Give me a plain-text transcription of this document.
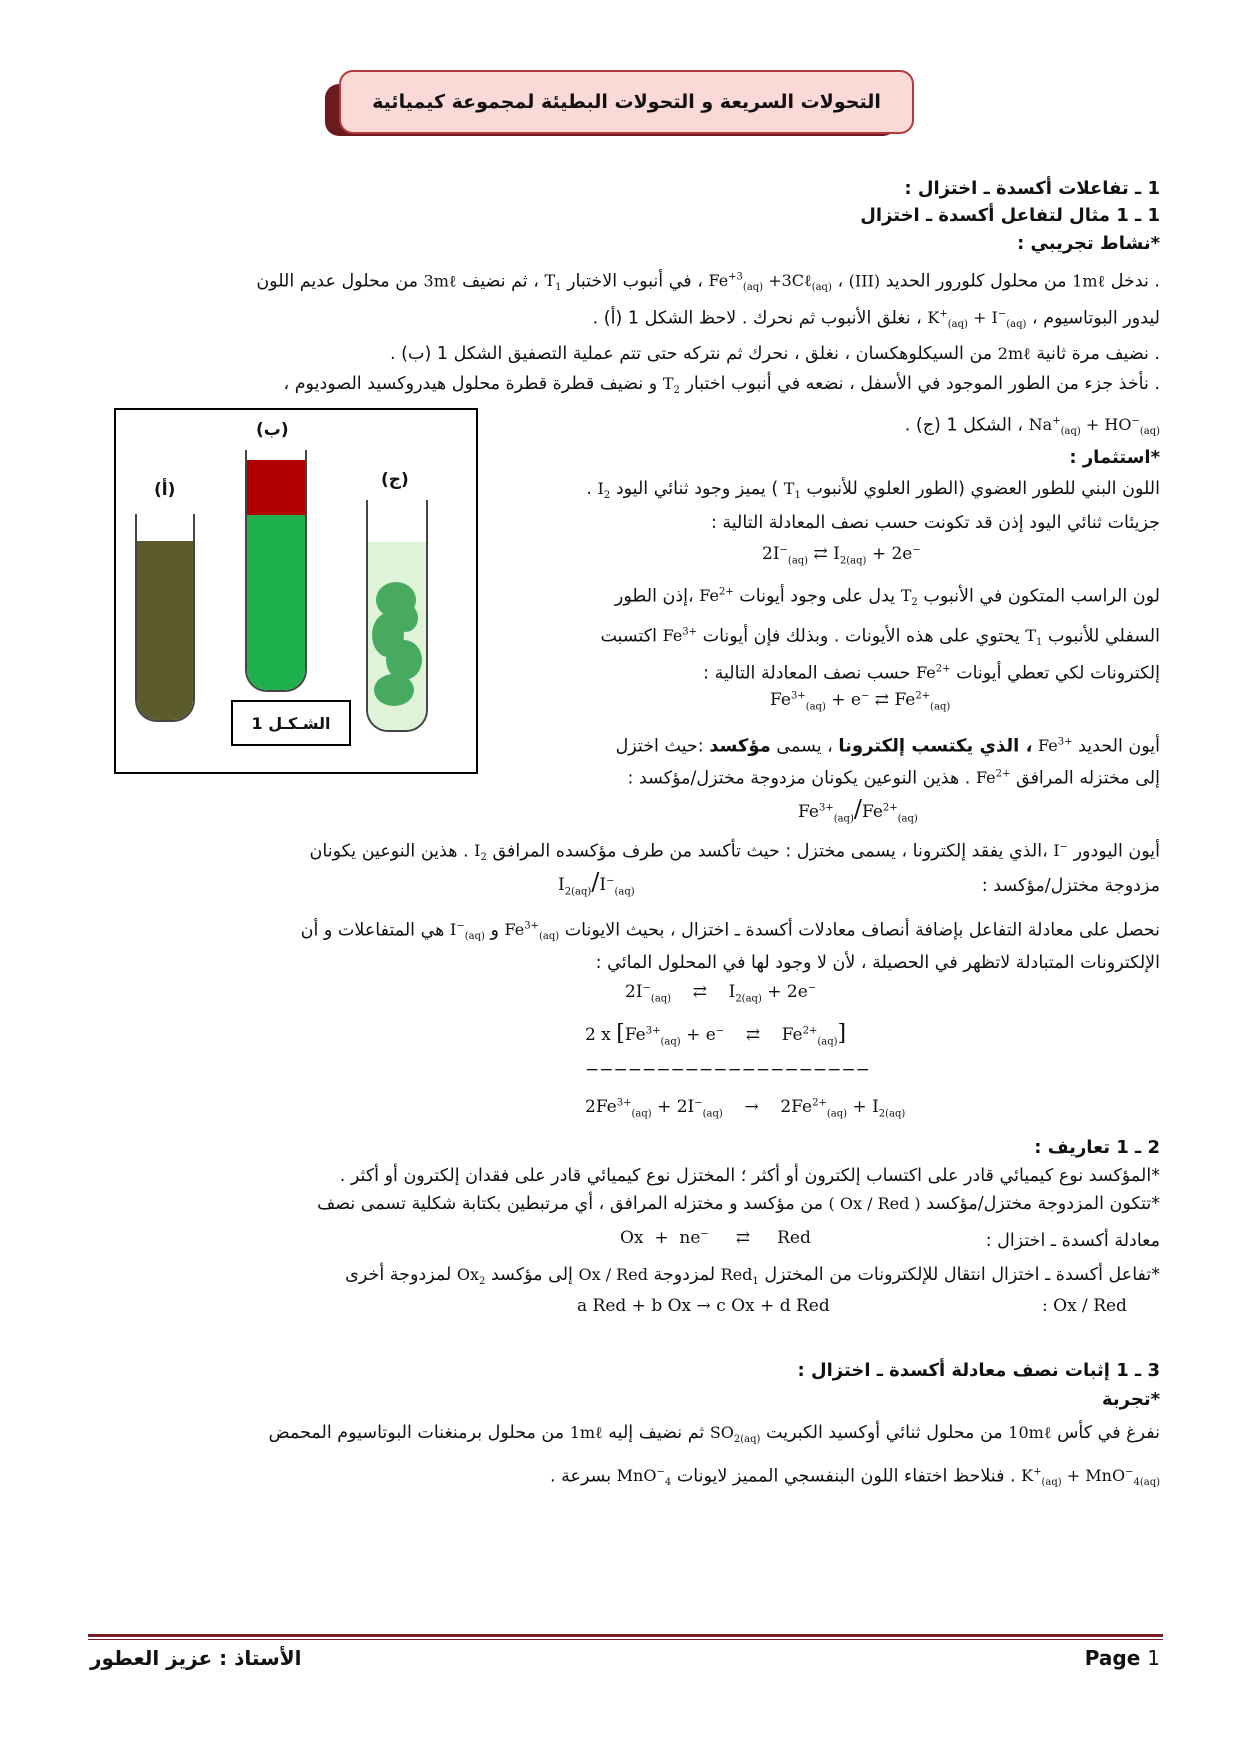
التحولات السريعة و التحولات البطيئة لمجموعة كيميائية
1 ـ تفاعلات أكسدة ـ اختزال :
1 ـ 1 مثال لتفاعل أكسدة ـ اختزال
*نشاط تجريبي :
. ندخل 1mℓ من محلول كلورور الحديد (III) ، $Fe^{+3}_{(aq)}$ +3Cℓ$_{(aq)}$ ، في أنبوب الاختبار $T_1$ ، ثم نضيف 3mℓ من محلول عديم اللون
ليدور البوتاسيوم ، $K^+_{(aq)} + I^-_{(aq)}$ ، نغلق الأنبوب ثم نحرك . لاحظ الشكل 1 (أ) .
. نضيف مرة ثانية 2mℓ من السيكلوهكسان ، نغلق ، نحرك ثم نتركه حتى تتم عملية التصفيق الشكل 1 (ب) .
. نأخذ جزء من الطور الموجود في الأسفل ، نضعه في أنبوب اختبار $T_2$ و نضيف قطرة قطرة محلول هيدروكسيد الصوديوم ،
$Na^+_{(aq)} + HO^-_{(aq)}$ ، الشكل 1 (ج) .
(أ)
(ب)
(ج)
الشـكـل 1
*استثمار :
اللون البني للطور العضوي (الطور العلوي للأنبوب $T_1$ ) يميز وجود ثنائي اليود $I_2$ .
جزيئات ثنائي اليود إذن قد تكونت حسب نصف المعادلة التالية :
$2I^-_{(aq)}$ ⇄ $I_{2(aq)} + 2e^-$
لون الراسب المتكون في الأنبوب $T_2$ يدل على وجود أيونات $Fe^{2+}$ ،إذن الطور
السفلي للأنبوب $T_1$ يحتوي على هذه الأيونات . وبذلك فإن أيونات $Fe^{3+}$ اكتسبت
إلكترونات لكي تعطي أيونات $Fe^{2+}$ حسب نصف المعادلة التالية :
$Fe^{3+}_{(aq)} + e^-$ ⇄ $Fe^{2+}_{(aq)}$
أيون الحديد $Fe^{3+}$ ، الذي يكتسب إلكترونا ، يسمى مؤكسد :حيث اختزل
إلى مختزله المرافق $Fe^{2+}$ . هذين النوعين يكونان مزدوجة مختزل/مؤكسد :
$Fe^{3+}_{(aq)}/Fe^{2+}_{(aq)}$
أيون اليودور I− ،الذي يفقد إلكترونا ، يسمى مختزل : حيث تأكسد من طرف مؤكسده المرافق $I_2$ . هذين النوعين يكونان
مزدوجة مختزل/مؤكسد :
$I_{2(aq)}/I^-_{(aq)}$
نحصل على معادلة التفاعل بإضافة أنصاف معادلات أكسدة ـ اختزال ، بحيث الايونات $Fe^{3+}_{(aq)}$ و $I^-_{(aq)}$ هي المتفاعلات و أن
الإلكترونات المتبادلة لاتظهر في الحصيلة ، لأن لا وجود لها في المحلول المائي :
$2I^-_{(aq)}$ ⇄ $I_{2(aq)} + 2e^-$
2 x [$Fe^{3+}_{(aq)} + e^-$ ⇄ $Fe^{2+}_{(aq)}$]
−−−−−−−−−−−−−−−−−−−−
$2Fe^{3+}_{(aq)} + 2I^-_{(aq)} \to 2Fe^{2+}_{(aq)} + I_{2(aq)}$
2 ـ 1 تعاريف :
*المؤكسد نوع كيميائي قادر على اكتساب إلكترون أو أكثر ؛ المختزل نوع كيميائي قادر على فقدان إلكترون أو أكثر .
*تتكون المزدوجة مختزل/مؤكسد ( Ox / Red ) من مؤكسد و مختزله المرافق ، أي مرتبطين بكتابة شكلية تسمى نصف
معادلة أكسدة ـ اختزال :
Ox + ne− ⇄ Red
*تفاعل أكسدة ـ اختزال انتقال للإلكترونات من المختزل Red$_1$ لمزدوجة Ox / Red إلى مؤكسد $Ox_2$ لمزدوجة أخرى
a Red + b Ox → c Ox + d Red	: Ox / Red
3 ـ 1 إثبات نصف معادلة أكسدة ـ اختزال :
*تجربة
نفرغ في كأس 10mℓ من محلول ثنائي أوكسيد الكبريت $SO_{2(aq)}$ ثم نضيف إليه 1mℓ من محلول برمنغنات البوتاسيوم المحمض
$K^+_{(aq)} + MnO^-_{4(aq)}$ . فنلاحظ اختفاء اللون البنفسجي المميز لايونات MnO−$_4$ بسرعة .
الأستاذ : عزيز العطور	Page 1
